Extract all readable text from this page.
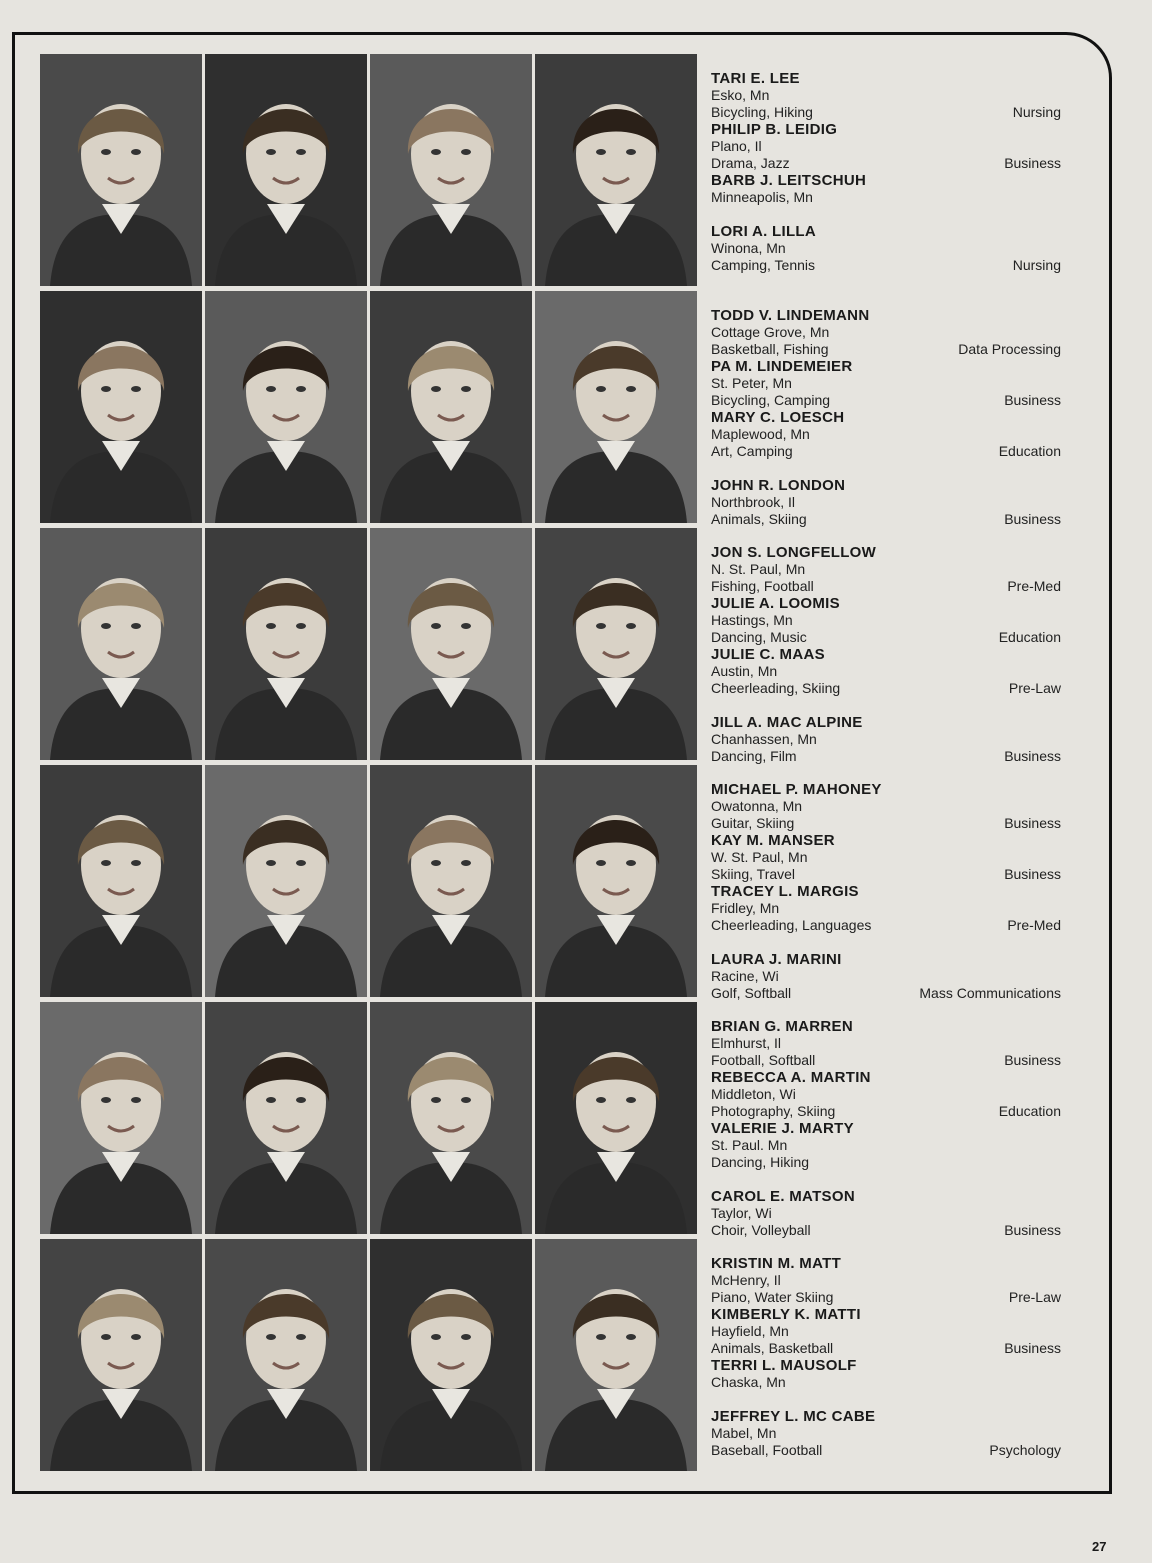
TARI E. LEE
Esko, Mn
Bicycling, Hiking	Nursing
PHILIP B. LEIDIG
Plano, Il
Drama, Jazz	Business
BARB J. LEITSCHUH
Minneapolis, Mn
LORI A. LILLA
Winona, Mn
Camping, Tennis	Nursing
TODD V. LINDEMANN
Cottage Grove, Mn
Basketball, Fishing	Data Processing
PA M. LINDEMEIER
St. Peter, Mn
Bicycling, Camping	Business
MARY C. LOESCH
Maplewood, Mn
Art, Camping	Education
JOHN R. LONDON
Northbrook, Il
Animals, Skiing	Business
JON S. LONGFELLOW
N. St. Paul, Mn
Fishing, Football	Pre-Med
JULIE A. LOOMIS
Hastings, Mn
Dancing, Music	Education
JULIE C. MAAS
Austin, Mn
Cheerleading, Skiing	Pre-Law
JILL A. MAC ALPINE
Chanhassen, Mn
Dancing, Film	Business
MICHAEL P. MAHONEY
Owatonna, Mn
Guitar, Skiing	Business
KAY M. MANSER
W. St. Paul, Mn
Skiing, Travel	Business
TRACEY L. MARGIS
Fridley, Mn
Cheerleading, Languages	Pre-Med
LAURA J. MARINI
Racine, Wi
Golf, Softball	Mass Communications
BRIAN G. MARREN
Elmhurst, Il
Football, Softball	Business
REBECCA A. MARTIN
Middleton, Wi
Photography, Skiing	Education
VALERIE J. MARTY
St. Paul. Mn
Dancing, Hiking
CAROL E. MATSON
Taylor, Wi
Choir, Volleyball	Business
KRISTIN M. MATT
McHenry, Il
Piano, Water Skiing	Pre-Law
KIMBERLY K. MATTI
Hayfield, Mn
Animals, Basketball	Business
TERRI L. MAUSOLF
Chaska, Mn
JEFFREY L. MC CABE
Mabel, Mn
Baseball, Football	Psychology
27
